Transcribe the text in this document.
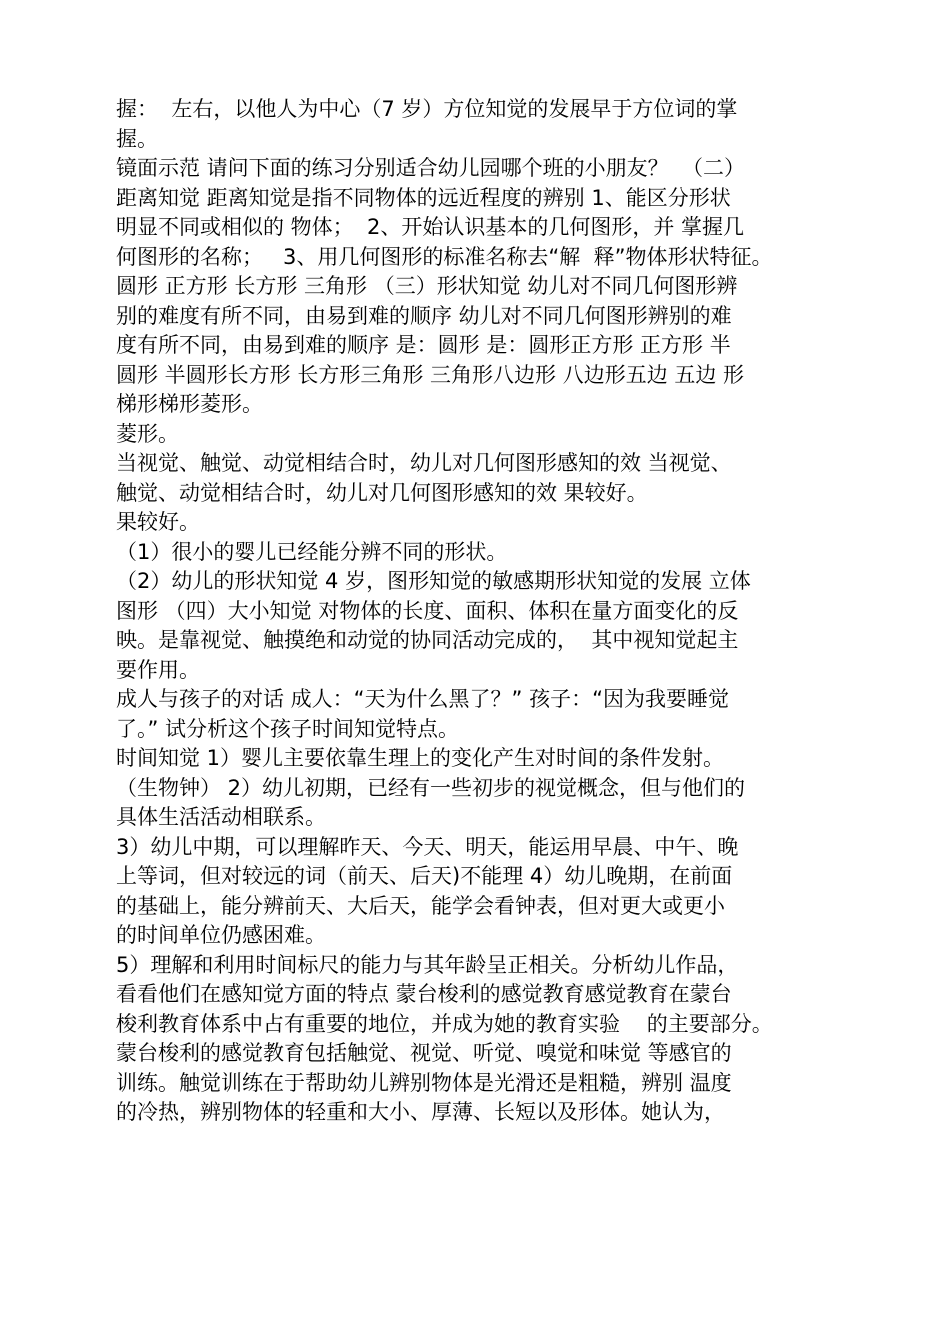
握：  左右，以他人为中心（7 岁）方位知觉的发展早于方位词的掌
握。
镜面示范 请问下面的练习分别适合幼儿园哪个班的小朋友？  （二）
距离知觉 距离知觉是指不同物体的远近程度的辨别 1、能区分形状
明显不同或相似的 物体；  2、开始认识基本的几何图形，并 掌握几
何图形的名称；   3、用几何图形的标准名称去“解  释”物体形状特征。
圆形 正方形 长方形 三角形 （三）形状知觉 幼儿对不同几何图形辨
别的难度有所不同，由易到难的顺序 幼儿对不同几何图形辨别的难
度有所不同，由易到难的顺序 是：圆形 是：圆形正方形 正方形 半
圆形 半圆形长方形 长方形三角形 三角形八边形 八边形五边 五边 形
梯形梯形菱形。
菱形。
当视觉、触觉、动觉相结合时，幼儿对几何图形感知的效 当视觉、
触觉、动觉相结合时，幼儿对几何图形感知的效 果较好。
果较好。
（1）很小的婴儿已经能分辨不同的形状。
（2）幼儿的形状知觉 4 岁，图形知觉的敏感期形状知觉的发展 立体
图形 （四）大小知觉 对物体的长度、面积、体积在量方面变化的反
映。是靠视觉、触摸绝和动觉的协同活动完成的，  其中视知觉起主
要作用。
成人与孩子的对话 成人：“天为什么黑了？” 孩子：“因为我要睡觉
了。” 试分析这个孩子时间知觉特点。
时间知觉 1）婴儿主要依靠生理上的变化产生对时间的条件发射。
（生物钟） 2）幼儿初期，已经有一些初步的视觉概念，但与他们的
具体生活活动相联系。
3）幼儿中期，可以理解昨天、今天、明天，能运用早晨、中午、晚
上等词，但对较远的词（前天、后天)不能理 4）幼儿晚期，在前面
的基础上，能分辨前天、大后天，能学会看钟表，但对更大或更小
的时间单位仍感困难。
5）理解和利用时间标尺的能力与其年龄呈正相关。分析幼儿作品，
看看他们在感知觉方面的特点 蒙台梭利的感觉教育感觉教育在蒙台
梭利教育体系中占有重要的地位，并成为她的教育实验    的主要部分。
蒙台梭利的感觉教育包括触觉、视觉、听觉、嗅觉和味觉 等感官的
训练。触觉训练在于帮助幼儿辨别物体是光滑还是粗糙，辨别 温度
的冷热，辨别物体的轻重和大小、厚薄、长短以及形体。她认为，
